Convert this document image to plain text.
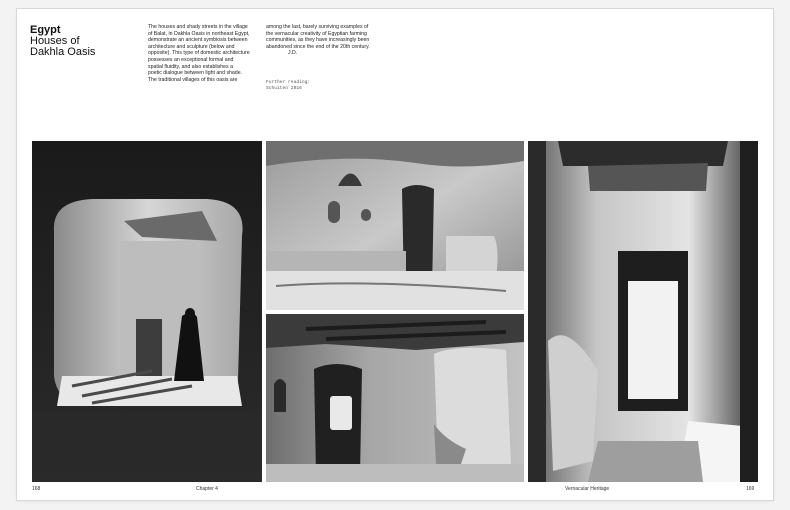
Egypt
Houses of
Dakhla Oasis
The houses and shady streets in the village
of Balat, in Dakhla Oasis in northeast Egypt,
demonstrate an ancient symbiosis between
architecture and sculpture (below and
opposite). This type of domestic architecture
possesses an exceptional formal and
spatial fluidity, and also establishes a
poetic dialogue between light and shade.
The traditional villages of this oasis are
among the last, barely surviving examples of
the vernacular creativity of Egyptian farming
communities, as they have increasingly been
abandoned since the end of the 20th century.
J.D.
Further reading:
Schuiten 2016
168	Chapter 4	Vernacular Heritage	169
